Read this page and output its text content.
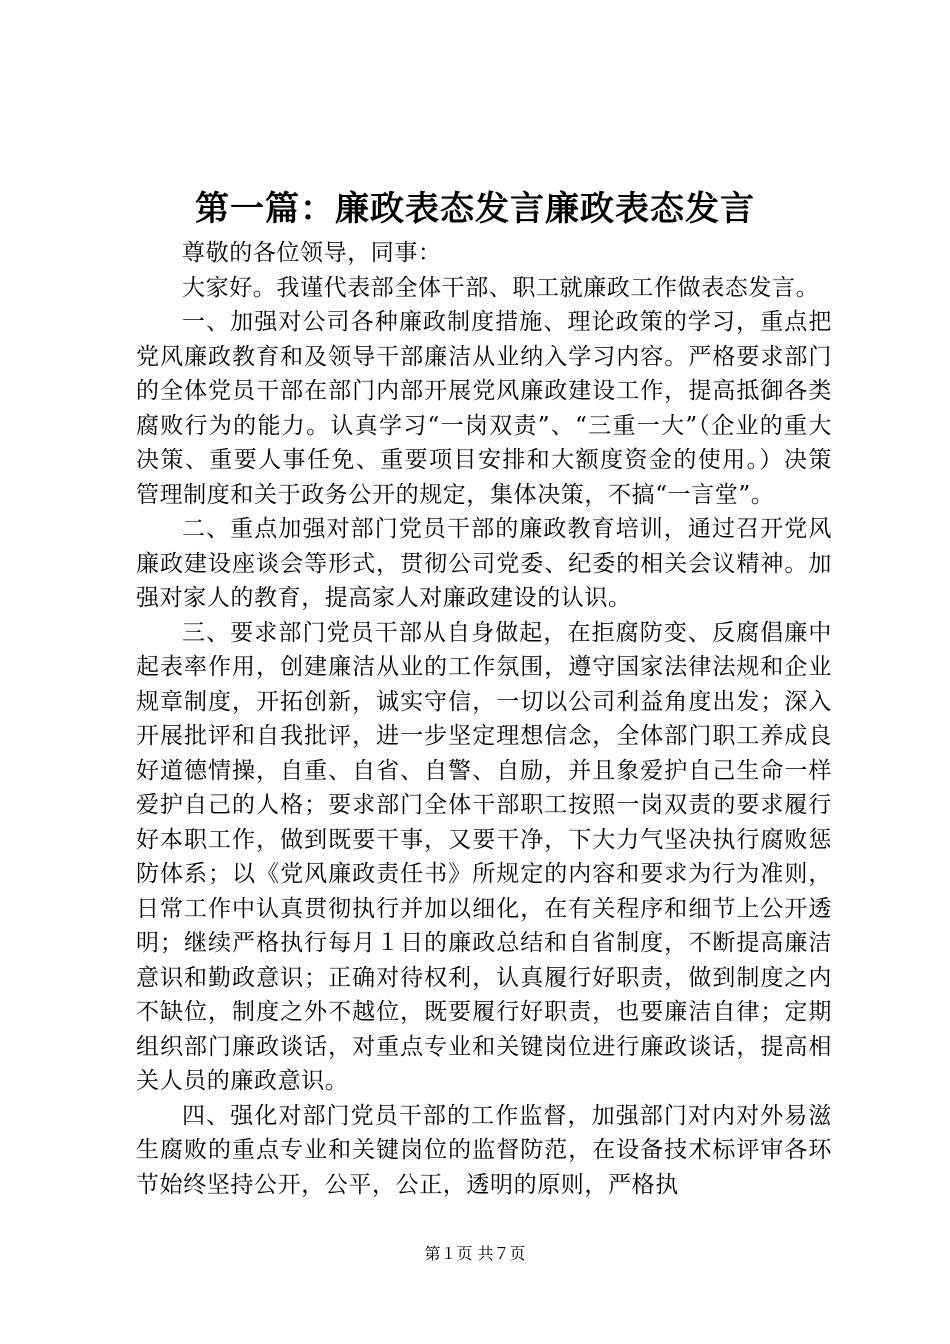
第一篇：廉政表态发言廉政表态发言

尊敬的各位领导，同事：

大家好。我谨代表部全体干部、职工就廉政工作做表态发言。

一、加强对公司各种廉政制度措施、理论政策的学习，重点把党风廉政教育和及领导干部廉洁从业纳入学习内容。严格要求部门的全体党员干部在部门内部开展党风廉政建设工作，提高抵御各类腐败行为的能力。认真学习“一岗双责”、“三重一大”（企业的重大决策、重要人事任免、重要项目安排和大额度资金的使用。）决策管理制度和关于政务公开的规定，集体决策，不搞“一言堂”。

二、重点加强对部门党员干部的廉政教育培训，通过召开党风廉政建设座谈会等形式，贯彻公司党委、纪委的相关会议精神。加强对家人的教育，提高家人对廉政建设的认识。

三、要求部门党员干部从自身做起，在拒腐防变、反腐倡廉中起表率作用，创建廉洁从业的工作氛围，遵守国家法律法规和企业规章制度，开拓创新，诚实守信，一切以公司利益角度出发；深入开展批评和自我批评，进一步坚定理想信念，全体部门职工养成良好道德情操，自重、自省、自警、自励，并且象爱护自己生命一样爱护自己的人格；要求部门全体干部职工按照一岗双责的要求履行好本职工作，做到既要干事，又要干净，下大力气坚决执行腐败惩防体系；以《党风廉政责任书》所规定的内容和要求为行为准则，日常工作中认真贯彻执行并加以细化，在有关程序和细节上公开透明；继续严格执行每月１日的廉政总结和自省制度，不断提高廉洁意识和勤政意识；正确对待权利，认真履行好职责，做到制度之内不缺位，制度之外不越位，既要履行好职责，也要廉洁自律；定期组织部门廉政谈话，对重点专业和关键岗位进行廉政谈话，提高相关人员的廉政意识。

四、强化对部门党员干部的工作监督，加强部门对内对外易滋生腐败的重点专业和关键岗位的监督防范，在设备技术标评审各环节始终坚持公开，公平，公正，透明的原则，严格执

第１页 共７页
